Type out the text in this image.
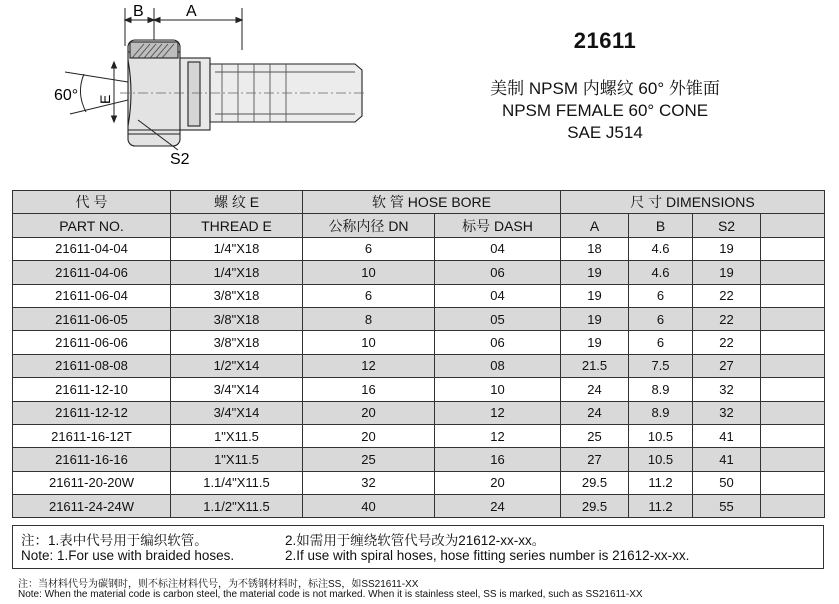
B	A
60° E
S2
21611
美制 NPSM 内螺纹 60° 外锥面
NPSM FEMALE 60° CONE
SAE J514
代 号	螺 纹 E	软 管 HOSE BORE		尺 寸 DIMENSIONS			
PART NO.	THREAD E	公称内径 DN	标号 DASH	A	B	S2	
21611-04-04	1/4"X18	6	04	18	4.6	19	
21611-04-06	1/4"X18	10	06	19	4.6	19	
21611-06-04	3/8"X18	6	04	19	6	22	
21611-06-05	3/8"X18	8	05	19	6	22	
21611-06-06	3/8"X18	10	06	19	6	22	
21611-08-08	1/2"X14	12	08	21.5	7.5	27	
21611-12-10	3/4"X14	16	10	24	8.9	32	
21611-12-12	3/4"X14	20	12	24	8.9	32	
21611-16-12T	1"X11.5	20	12	25	10.5	41	
21611-16-16	1"X11.5	25	16	27	10.5	41	
21611-20-20W	1.1/4"X11.5	32	20	29.5	11.2	50	
21611-24-24W	1.1/2"X11.5	40	24	29.5	11.2	55	
注：1.表中代号用于编织软管。	2.如需用于缠绕软管代号改为21612-xx-xx。
Note: 1.For use with braided hoses.	2.If use with spiral hoses, hose fitting series number is 21612-xx-xx.
注：当材料代号为碳钢时，则不标注材料代号，为不锈钢材料时，标注SS，如SS21611-XX
Note: When the material code is carbon steel, the material code is not marked. When it is stainless steel, SS is marked, such as SS21611-XX
